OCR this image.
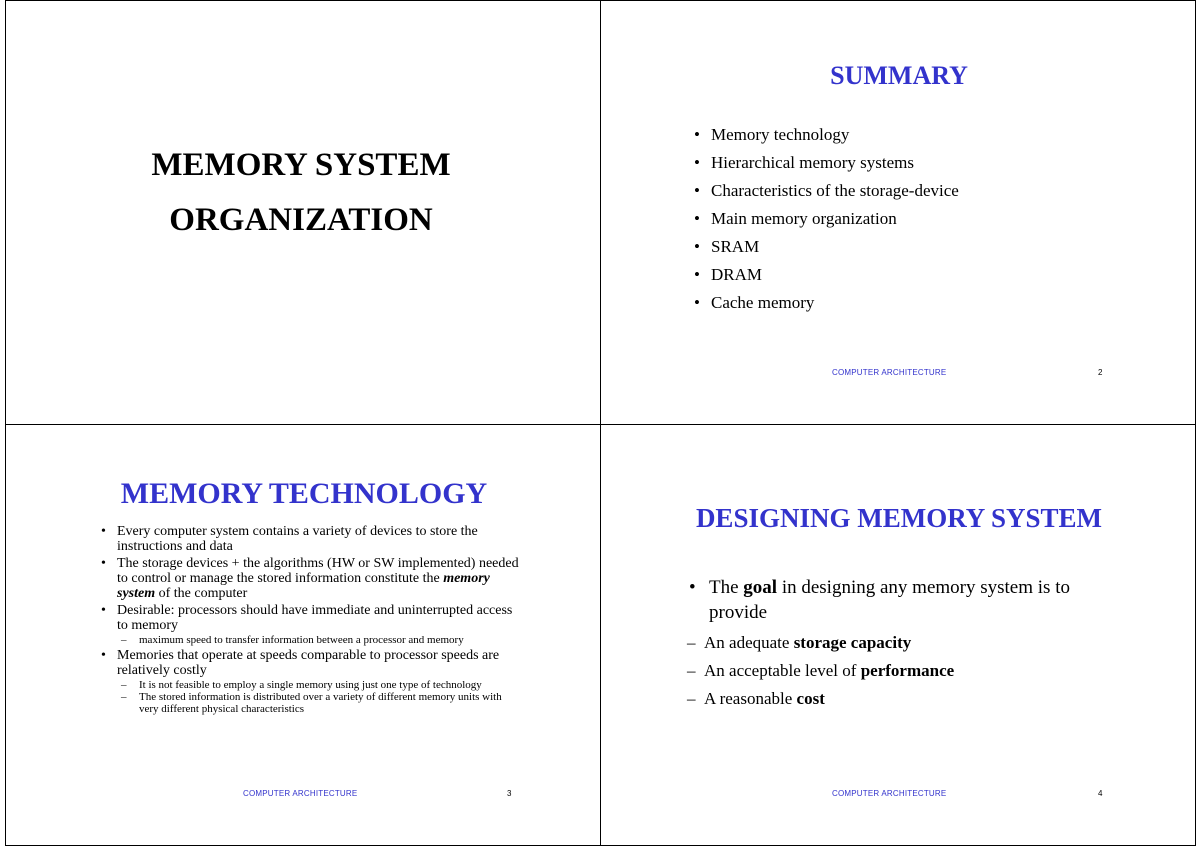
MEMORY SYSTEM
ORGANIZATION
SUMMARY
• Memory technology
• Hierarchical memory systems
• Characteristics of the storage-device
• Main memory organization
• SRAM
• DRAM
• Cache memory
COMPUTER ARCHITECTURE	2
MEMORY TECHNOLOGY
• Every computer system contains a variety of devices to store the instructions and data
• The storage devices + the algorithms (HW or SW implemented) needed to control or manage the stored information constitute the memory system of the computer
• Desirable: processors should have immediate and uninterrupted access to memory
– maximum speed to transfer information between a processor and memory
• Memories that operate at speeds comparable to processor speeds are relatively costly
– It is not feasible to employ a single memory using just one type of technology
– The stored information is distributed over a variety of different memory units with very different physical characteristics
COMPUTER ARCHITECTURE	3
DESIGNING MEMORY SYSTEM
• The goal in designing any memory system is to provide
– An adequate storage capacity
– An acceptable level of performance
– A reasonable cost
COMPUTER ARCHITECTURE	4
